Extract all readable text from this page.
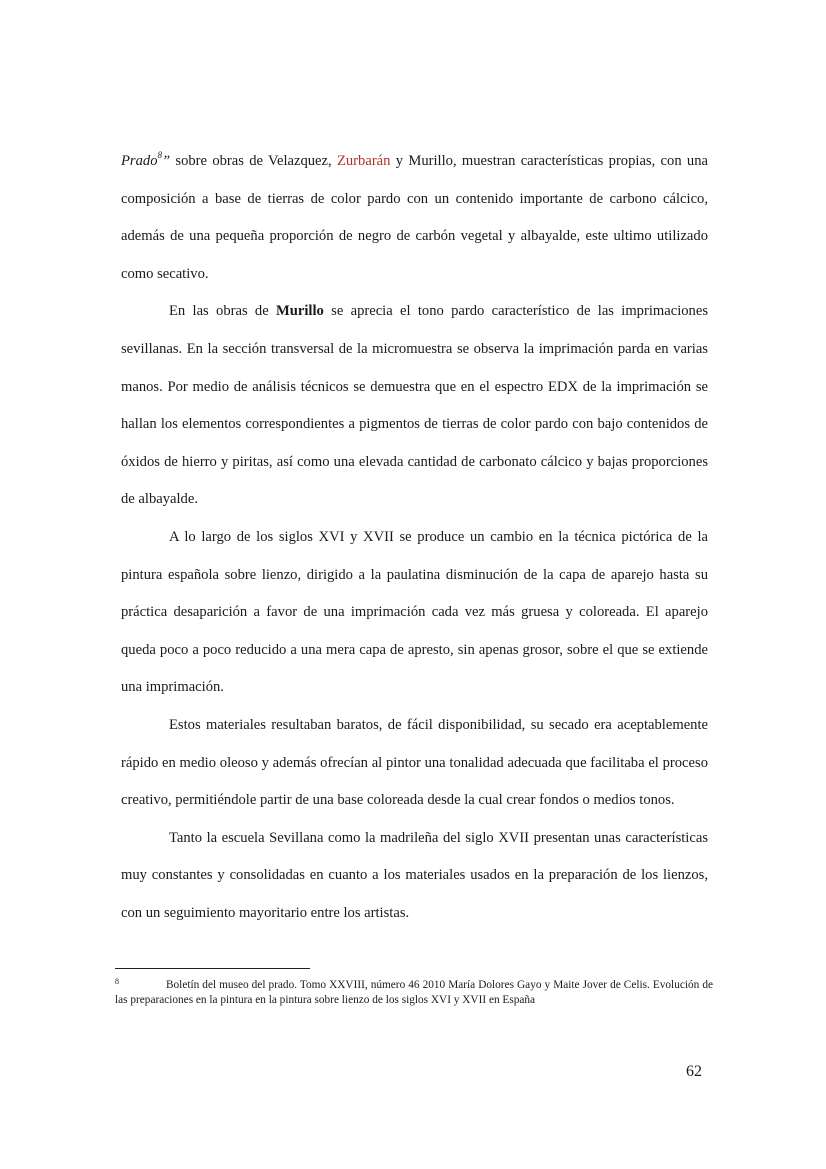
Prado$^8$” sobre obras de Velazquez, Zurbarán y Murillo, muestran características propias, con una composición a base de tierras de color pardo con un contenido importante de carbono cálcico, además de una pequeña proporción de negro de carbón vegetal y albayalde, este ultimo utilizado como secativo.

En las obras de Murillo se aprecia el tono pardo característico de las imprimaciones sevillanas. En la sección transversal de la micromuestra se observa la imprimación parda en varias manos. Por medio de análisis técnicos se demuestra que en el espectro EDX de la imprimación se hallan los elementos correspondientes a pigmentos de tierras de color pardo con bajo contenidos de óxidos de hierro y piritas, así como una elevada cantidad de carbonato cálcico y bajas proporciones de albayalde.

A lo largo de los siglos XVI y XVII se produce un cambio en la técnica pictórica de la pintura española sobre lienzo, dirigido a la paulatina disminución de la capa de aparejo hasta su práctica desaparición a favor de una imprimación cada vez más gruesa y coloreada. El aparejo queda poco a poco reducido a una mera capa de apresto, sin apenas grosor, sobre el que se extiende una imprimación.

Estos materiales resultaban baratos, de fácil disponibilidad, su secado era aceptablemente rápido en medio oleoso y además ofrecían al pintor una tonalidad adecuada que facilitaba el proceso creativo, permitiéndole partir de una base coloreada desde la cual crear fondos o medios tonos.

Tanto la escuela Sevillana como la madrileña del siglo XVII presentan unas características muy constantes y consolidadas en cuanto a los materiales usados en la preparación de los lienzos, con un seguimiento mayoritario entre los artistas.

8	Boletín del museo del prado. Tomo XXVIII, número 46 2010 María Dolores Gayo y Maite Jover de Celis. Evolución de las preparaciones en la pintura en la pintura sobre lienzo de los siglos XVI y XVII en España
62
